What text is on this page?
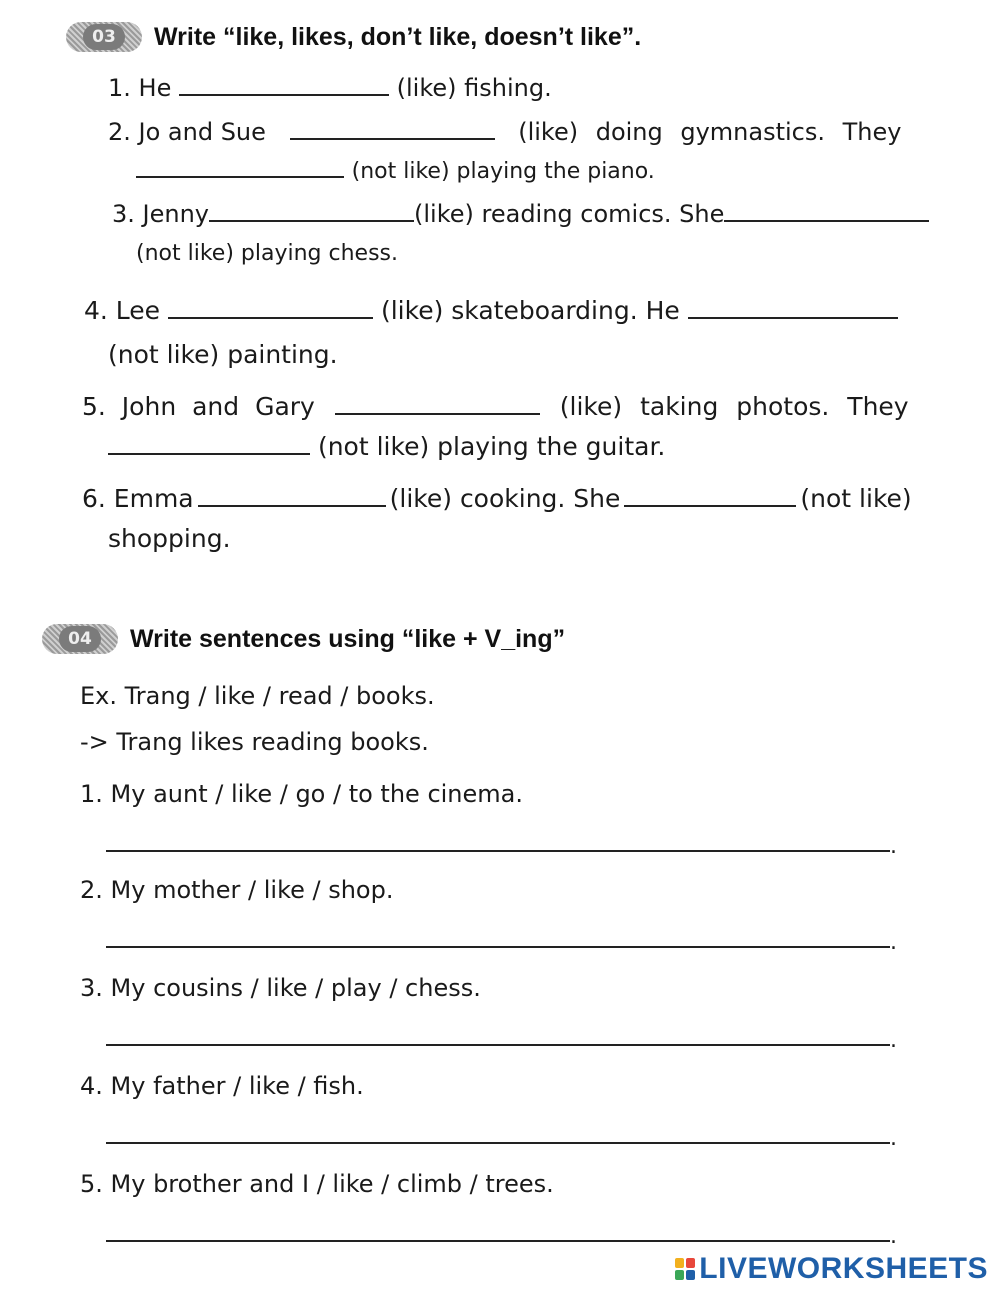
03	Write “like, likes, don’t like, doesn’t like”.
1. He	(like) fishing.
2. Jo and Sue	(like) doing gymnastics. They
(not like) playing the piano.
3. Jenny	(like) reading comics. She
(not like) playing chess.
4. Lee	(like) skateboarding. He
(not like) painting.
5. John and Gary	(like) taking photos. They
(not like) playing the guitar.
6. Emma	(like) cooking. She	(not like)
shopping.
04	Write sentences using “like + V_ing”
Ex. Trang / like / read / books.
-> Trang likes reading books.
1. My aunt / like / go / to the cinema.
.
2. My mother / like / shop.
.
3. My cousins / like / play / chess.
.
4. My father / like / fish.
.
5. My brother and I / like / climb / trees.
.
LIVEWORKSHEETS
